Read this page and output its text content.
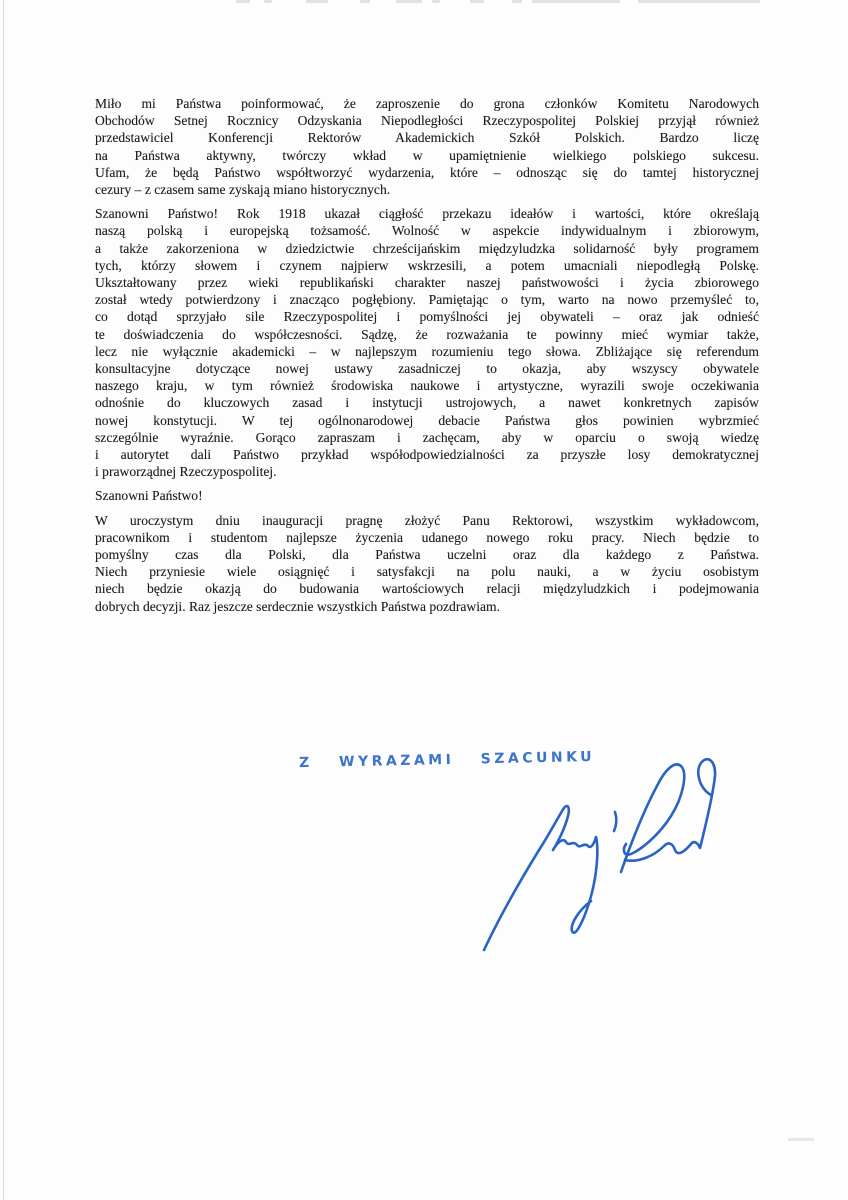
Miło mi Państwa poinformować, że zaproszenie do grona członków Komitetu Narodowych
Obchodów Setnej Rocznicy Odzyskania Niepodległości Rzeczypospolitej Polskiej przyjął również
przedstawiciel Konferencji Rektorów Akademickich Szkół Polskich. Bardzo liczę
na Państwa aktywny, twórczy wkład w upamiętnienie wielkiego polskiego sukcesu.
Ufam, że będą Państwo współtworzyć wydarzenia, które – odnosząc się do tamtej historycznej
cezury – z czasem same zyskają miano historycznych.
Szanowni Państwo! Rok 1918 ukazał ciągłość przekazu ideałów i wartości, które określają
naszą polską i europejską tożsamość. Wolność w aspekcie indywidualnym i zbiorowym,
a także zakorzeniona w dziedzictwie chrześcijańskim międzyludzka solidarność były programem
tych, którzy słowem i czynem najpierw wskrzesili, a potem umacniali niepodległą Polskę.
Ukształtowany przez wieki republikański charakter naszej państwowości i życia zbiorowego
został wtedy potwierdzony i znacząco pogłębiony. Pamiętając o tym, warto na nowo przemyśleć to,
co dotąd sprzyjało sile Rzeczypospolitej i pomyślności jej obywateli – oraz jak odnieść
te doświadczenia do współczesności. Sądzę, że rozważania te powinny mieć wymiar także,
lecz nie wyłącznie akademicki – w najlepszym rozumieniu tego słowa. Zbliżające się referendum
konsultacyjne dotyczące nowej ustawy zasadniczej to okazja, aby wszyscy obywatele
naszego kraju, w tym również środowiska naukowe i artystyczne, wyrazili swoje oczekiwania
odnośnie do kluczowych zasad i instytucji ustrojowych, a nawet konkretnych zapisów
nowej konstytucji. W tej ogólnonarodowej debacie Państwa głos powinien wybrzmieć
szczególnie wyraźnie. Gorąco zapraszam i zachęcam, aby w oparciu o swoją wiedzę
i autorytet dali Państwo przykład współodpowiedzialności za przyszłe losy demokratycznej
i praworządnej Rzeczypospolitej.
Szanowni Państwo!
W uroczystym dniu inauguracji pragnę złożyć Panu Rektorowi, wszystkim wykładowcom,
pracownikom i studentom najlepsze życzenia udanego nowego roku pracy. Niech będzie to
pomyślny czas dla Polski, dla Państwa uczelni oraz dla każdego z Państwa.
Niech przyniesie wiele osiągnięć i satysfakcji na polu nauki, a w życiu osobistym
niech będzie okazją do budowania wartościowych relacji międzyludzkich i podejmowania
dobrych decyzji. Raz jeszcze serdecznie wszystkich Państwa pozdrawiam.
Z WYRAZAMI SZACUNKU
